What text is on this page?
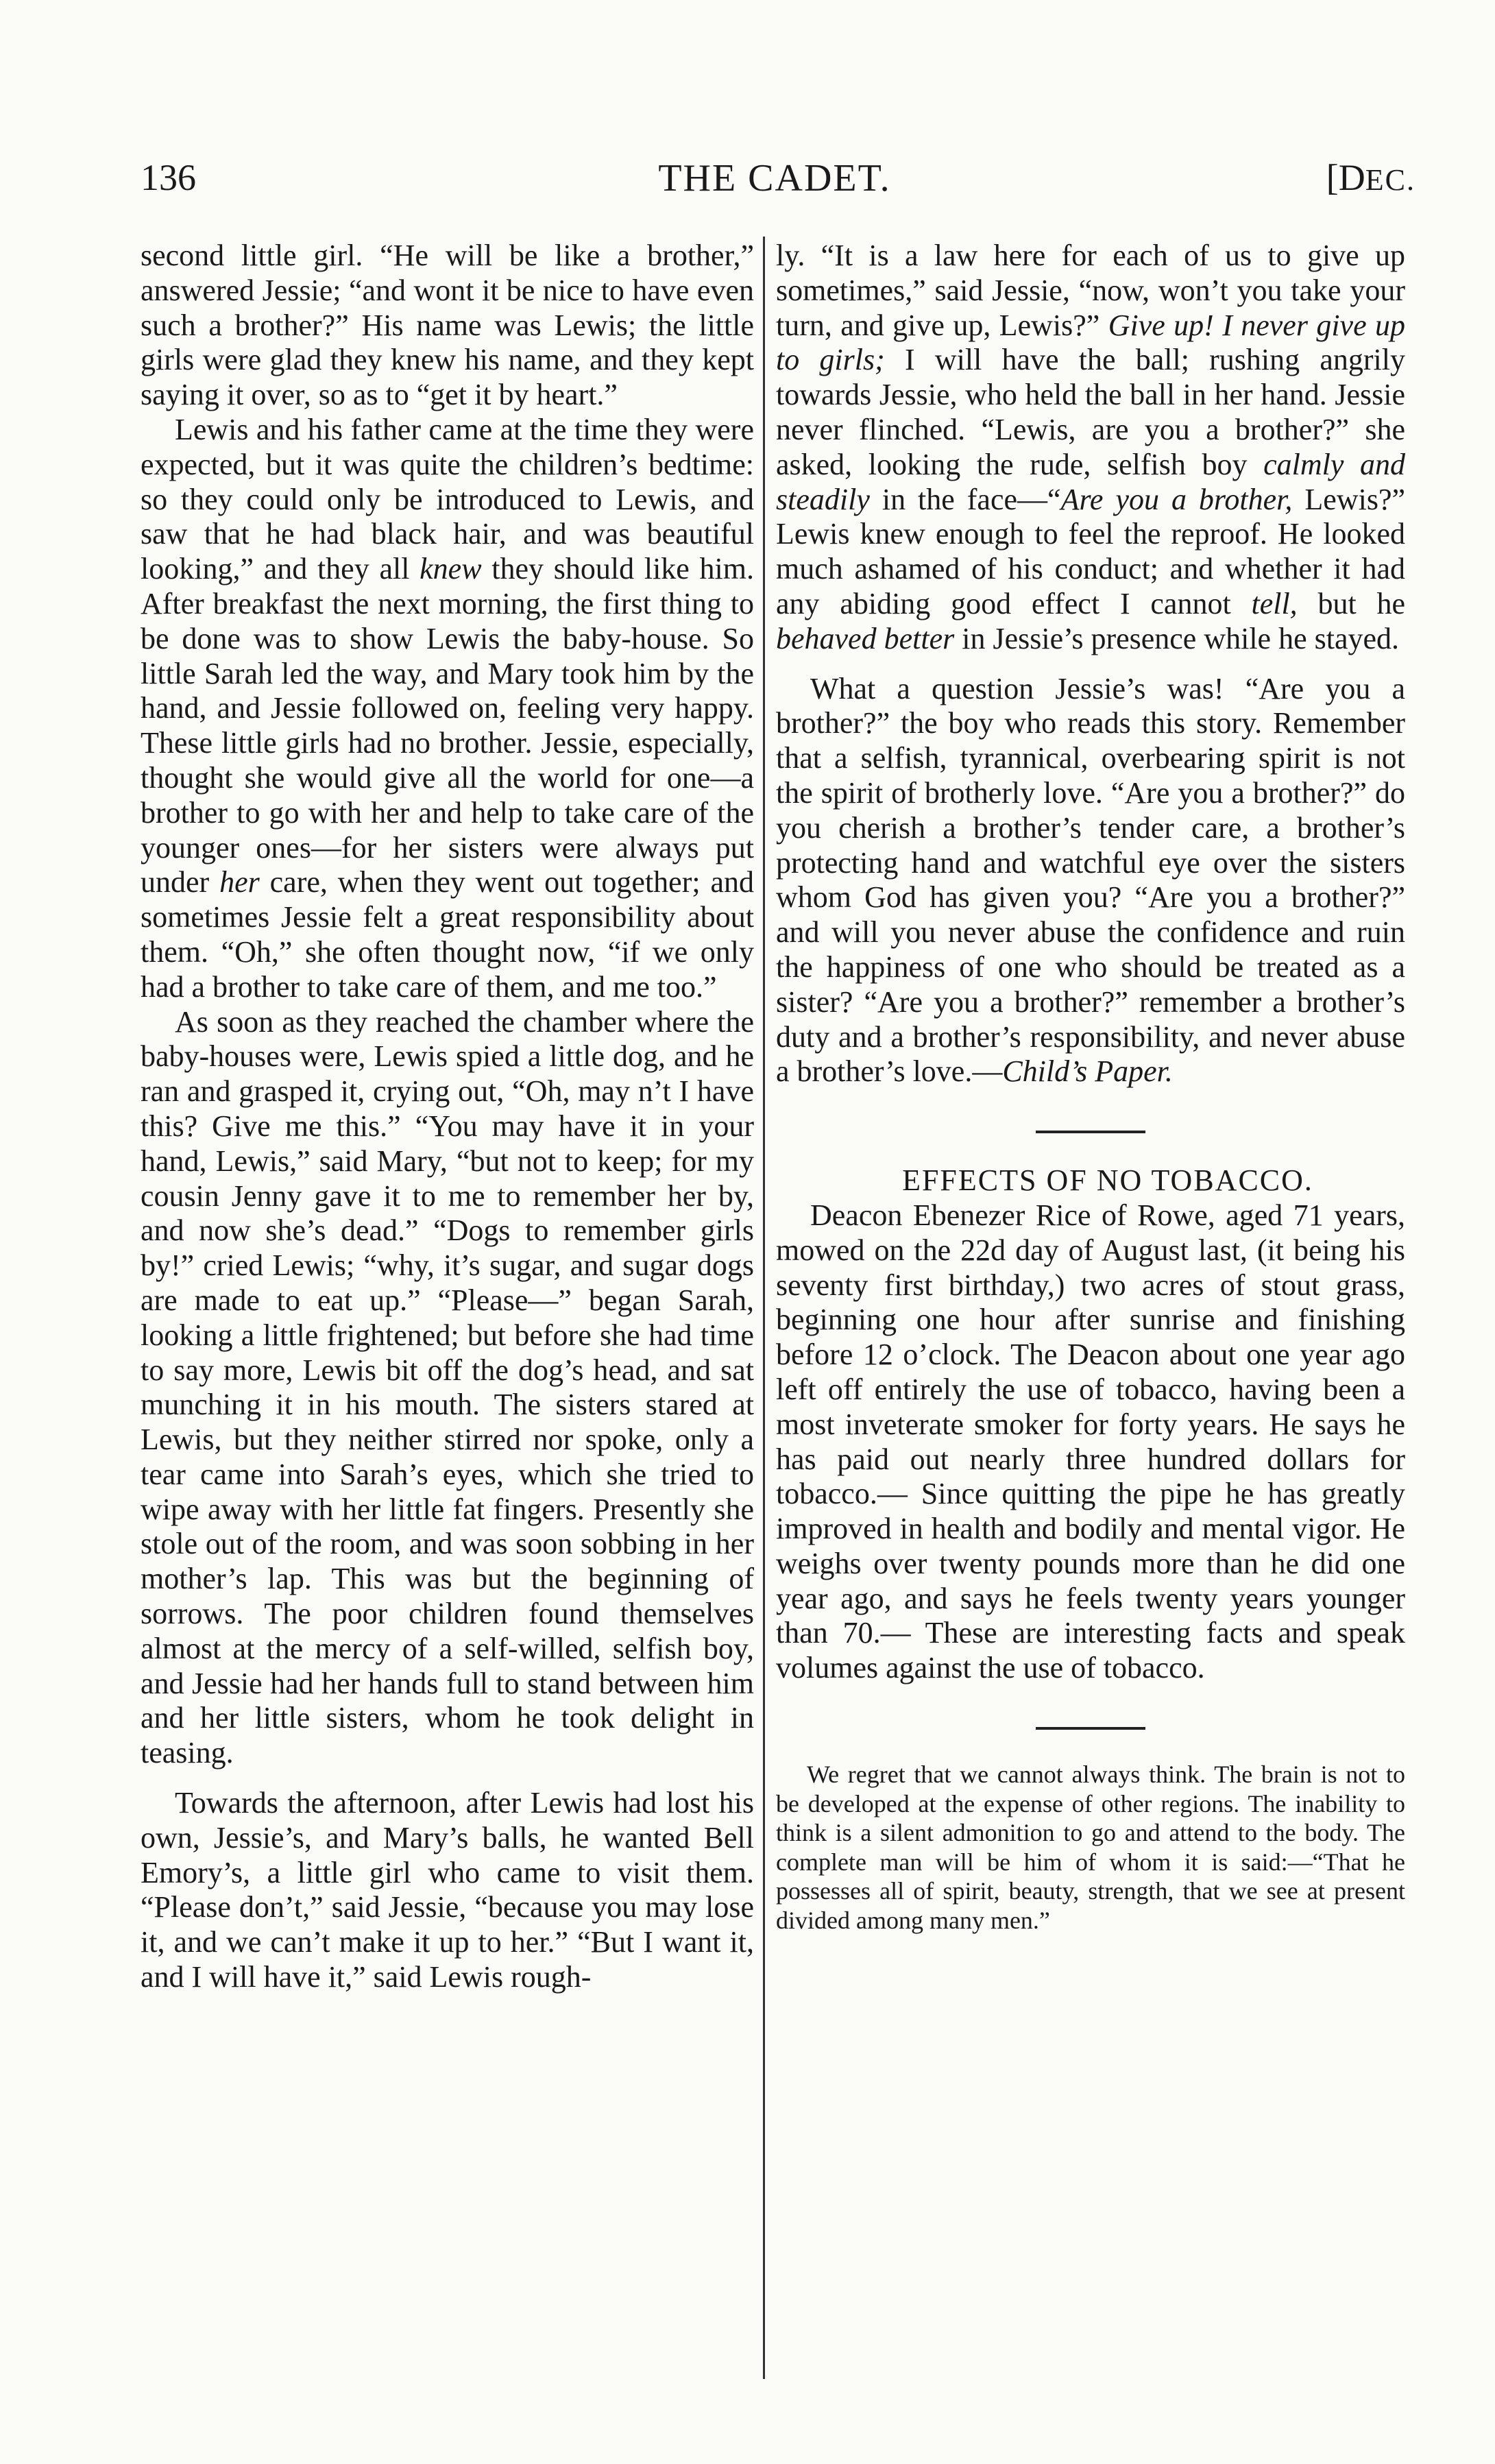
136	THE CADET.	[DEC.

second little girl. “He will be like a brother,” answered Jessie; “and wont it be nice to have even such a brother?” His name was Lewis; the little girls were glad they knew his name, and they kept saying it over, so as to “get it by heart.”

Lewis and his father came at the time they were expected, but it was quite the children’s bedtime: so they could only be introduced to Lewis, and saw that he had black hair, and was beautiful looking,” and they all knew they should like him. After breakfast the next morning, the first thing to be done was to show Lewis the baby-house. So little Sarah led the way, and Mary took him by the hand, and Jessie followed on, feeling very happy. These little girls had no brother. Jessie, especially, thought she would give all the world for one—a brother to go with her and help to take care of the younger ones—for her sisters were always put under her care, when they went out together; and sometimes Jessie felt a great responsibility about them. “Oh,” she often thought now, “if we only had a brother to take care of them, and me too.”

As soon as they reached the chamber where the baby-houses were, Lewis spied a little dog, and he ran and grasped it, crying out, “Oh, may n’t I have this? Give me this.” “You may have it in your hand, Lewis,” said Mary, “but not to keep; for my cousin Jenny gave it to me to remember her by, and now she’s dead.” “Dogs to remember girls by!” cried Lewis; “why, it’s sugar, and sugar dogs are made to eat up.” “Please—” began Sarah, looking a little frightened; but before she had time to say more, Lewis bit off the dog’s head, and sat munching it in his mouth. The sisters stared at Lewis, but they neither stirred nor spoke, only a tear came into Sarah’s eyes, which she tried to wipe away with her little fat fingers. Presently she stole out of the room, and was soon sobbing in her mother’s lap. This was but the beginning of sorrows. The poor children found themselves almost at the mercy of a self-willed, selfish boy, and Jessie had her hands full to stand between him and her little sisters, whom he took delight in teasing.

Towards the afternoon, after Lewis had lost his own, Jessie’s, and Mary’s balls, he wanted Bell Emory’s, a little girl who came to visit them. “Please don’t,” said Jessie, “because you may lose it, and we can’t make it up to her.” “But I want it, and I will have it,” said Lewis rough-

ly. “It is a law here for each of us to give up sometimes,” said Jessie, “now, won’t you take your turn, and give up, Lewis?” Give up! I never give up to girls; I will have the ball; rushing angrily towards Jessie, who held the ball in her hand. Jessie never flinched. “Lewis, are you a brother?” she asked, looking the rude, selfish boy calmly and steadily in the face—“Are you a brother, Lewis?” Lewis knew enough to feel the reproof. He looked much ashamed of his conduct; and whether it had any abiding good effect I cannot tell, but he behaved better in Jessie’s presence while he stayed.

What a question Jessie’s was! “Are you a brother?” the boy who reads this story. Remember that a selfish, tyrannical, overbearing spirit is not the spirit of brotherly love. “Are you a brother?” do you cherish a brother’s tender care, a brother’s protecting hand and watchful eye over the sisters whom God has given you? “Are you a brother?” and will you never abuse the confidence and ruin the happiness of one who should be treated as a sister? “Are you a brother?” remember a brother’s duty and a brother’s responsibility, and never abuse a brother’s love.—Child’s Paper.

EFFECTS OF NO TOBACCO.

Deacon Ebenezer Rice of Rowe, aged 71 years, mowed on the 22d day of August last, (it being his seventy first birthday,) two acres of stout grass, beginning one hour after sunrise and finishing before 12 o’clock. The Deacon about one year ago left off entirely the use of tobacco, having been a most inveterate smoker for forty years. He says he has paid out nearly three hundred dollars for tobacco.— Since quitting the pipe he has greatly improved in health and bodily and mental vigor. He weighs over twenty pounds more than he did one year ago, and says he feels twenty years younger than 70.— These are interesting facts and speak volumes against the use of tobacco.

We regret that we cannot always think. The brain is not to be developed at the expense of other regions. The inability to think is a silent admonition to go and attend to the body. The complete man will be him of whom it is said:—“That he possesses all of spirit, beauty, strength, that we see at present divided among many men.”
